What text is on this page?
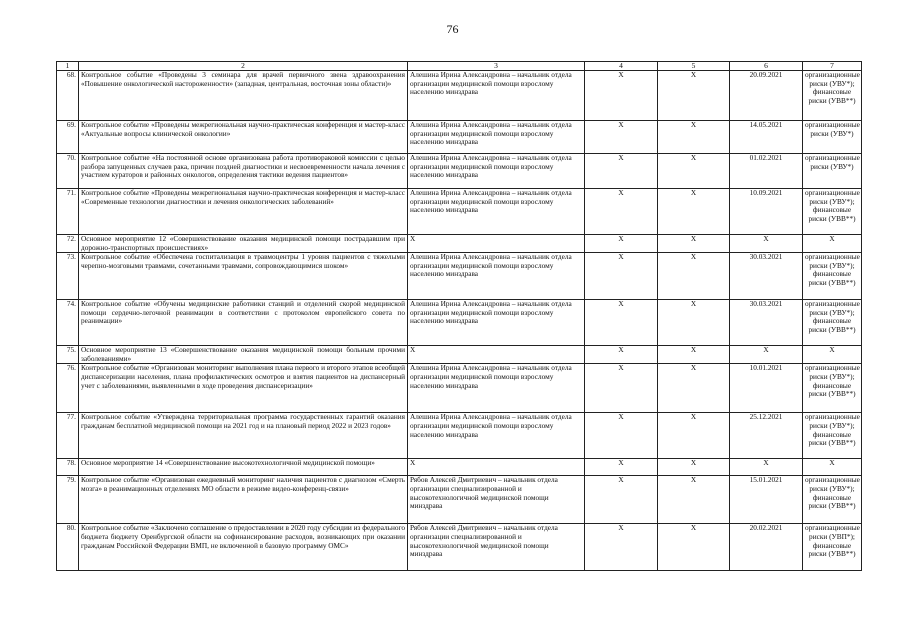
76
1	2	3	4	5	6	7
68.	Контрольное событие «Проведены 3 семинара для врачей первичного звена здравоохранения «Повышение онкологической настороженности» (западная, центральная, восточная зоны области)»	Алешина Ирина Александровна – начальник отдела организации медицинской помощи взрослому населению минздрава	X	X	20.09.2021	организационные риски (УВУ*); финансовые риски (УВВ**)
69.	Контрольное событие «Проведены межрегиональная научно-практическая конференция и мастер-класс «Актуальные вопросы клинической онкологии»	Алешина Ирина Александровна – начальник отдела организации медицинской помощи взрослому населению минздрава	X	X	14.05.2021	организационные риски (УВУ*)
70.	Контрольное событие «На постоянной основе организована работа противораковой комиссии с целью разбора запущенных случаев рака, причин поздней диагностики и несвоевременности начала лечения с участием кураторов и районных онкологов, определения тактики ведения пациентов»	Алешина Ирина Александровна – начальник отдела организации медицинской помощи взрослому населению минздрава	X	X	01.02.2021	организационные риски (УВУ*)
71.	Контрольное событие «Проведены межрегиональная научно-практическая конференция и мастер-класс «Современные технологии диагностики и лечения онкологических заболеваний»	Алешина Ирина Александровна – начальник отдела организации медицинской помощи взрослому населению минздрава	X	X	10.09.2021	организационные риски (УВУ*); финансовые риски (УВВ**)
72.	Основное мероприятие 12 «Совершенствование оказания медицинской помощи пострадавшим при дорожно-транспортных происшествиях»	X	X	X	X	X
73.	Контрольное событие «Обеспечена госпитализация в травмоцентры 1 уровня пациентов с тяжелыми черепно-мозговыми травмами, сочетанными травмами, сопровождающимися шоком»	Алешина Ирина Александровна – начальник отдела организации медицинской помощи взрослому населению минздрава	X	X	30.03.2021	организационные риски (УВУ*); финансовые риски (УВВ**)
74.	Контрольное событие «Обучены медицинские работники станций и отделений скорой медицинской помощи сердечно-легочной реанимации в соответствии с протоколом европейского совета по реанимации»	Алешина Ирина Александровна – начальник отдела организации медицинской помощи взрослому населению минздрава	X	X	30.03.2021	организационные риски (УВУ*); финансовые риски (УВВ**)
75.	Основное мероприятие 13 «Совершенствование оказания медицинской помощи больным прочими заболеваниями»	X	X	X	X	X
76.	Контрольное событие «Организован мониторинг выполнения плана первого и второго этапов всеобщей диспансеризации населения, плана профилактических осмотров и взятия пациентов на диспансерный учет с заболеваниями, выявленными в ходе проведения диспансеризации»	Алешина Ирина Александровна – начальник отдела организации медицинской помощи взрослому населению минздрава	X	X	10.01.2021	организационные риски (УВУ*); финансовые риски (УВВ**)
77.	Контрольное событие «Утверждена территориальная программа государственных гарантий оказания гражданам бесплатной медицинской помощи на 2021 год и на плановый период 2022 и 2023 годов»	Алешина Ирина Александровна – начальник отдела организации медицинской помощи взрослому населению минздрава	X	X	25.12.2021	организационные риски (УВУ*); финансовые риски (УВВ**)
78.	Основное мероприятие 14 «Совершенствование высокотехнологичной медицинской помощи»	X	X	X	X	X
79.	Контрольное событие «Организован ежедневный мониторинг наличия пациентов с диагнозом «Смерть мозга» в реанимационных отделениях МО области в режиме видео-конференц-связи»	Рябов Алексей Дмитриевич – начальник отдела организации специализированной и высокотехнологичной медицинской помощи минздрава	X	X	15.01.2021	организационные риски (УВУ*); финансовые риски (УВВ**)
80.	Контрольное событие «Заключено соглашение о предоставлении в 2020 году субсидии из федерального бюджета бюджету Оренбургской области на софинансирование расходов, возникающих при оказании гражданам Российской Федерации ВМП, не включенной в базовую программу ОМС»	Рябов Алексей Дмитриевич – начальник отдела организации специализированной и высокотехнологичной медицинской помощи минздрава	X	X	20.02.2021	организационные риски (УВП*); финансовые риски (УВВ**)
